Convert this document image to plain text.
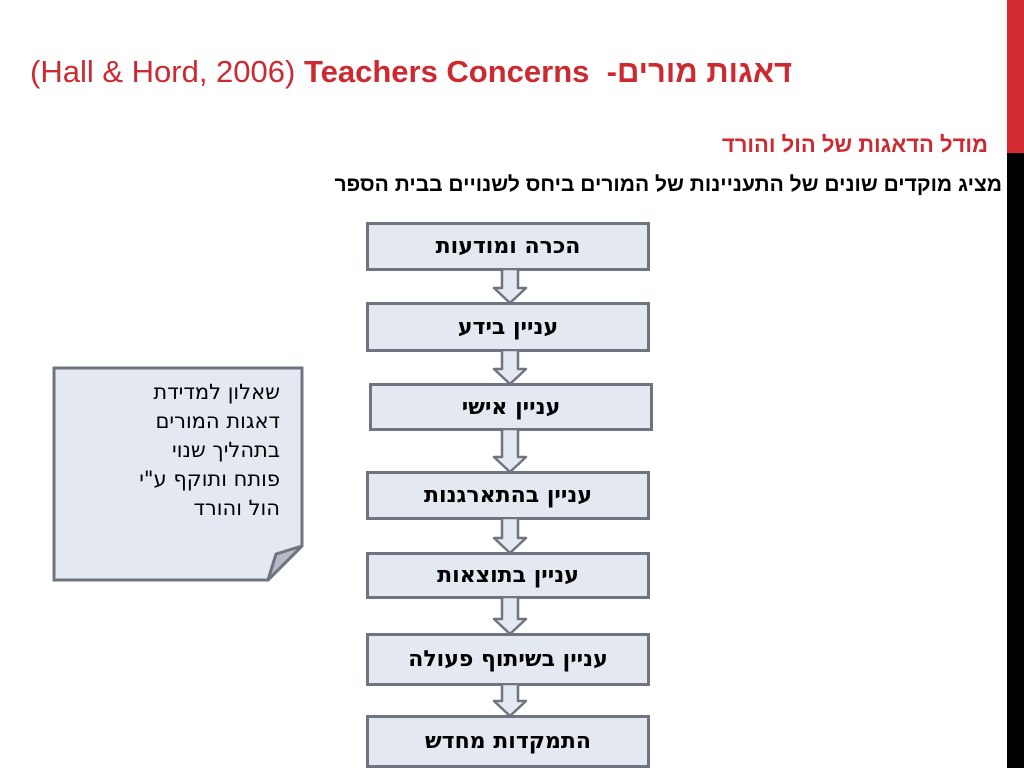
(Hall & Hord, 2006) Teachers Concerns דאגות מורים-
מודל הדאגות של הול והורד
מציג מוקדים שונים של התעניינות של המורים ביחס לשנויים בבית הספר
הכרה ומודעות
עניין בידע
עניין אישי
עניין בהתארגנות
עניין בתוצאות
עניין בשיתוף פעולה
התמקדות מחדש
שאלון למדידת
דאגות המורים
בתהליך שנוי
פותח ותוקף ע"י
הול והורד
